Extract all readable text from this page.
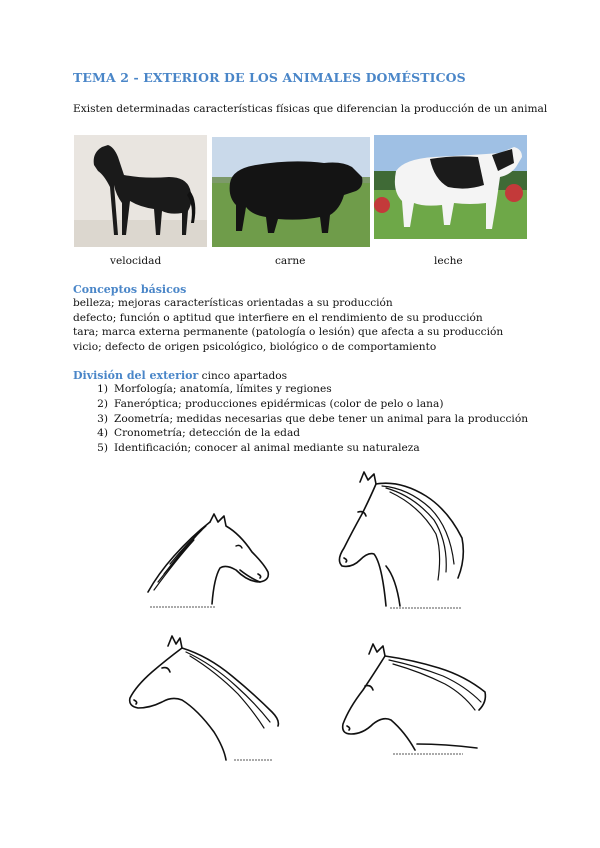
TEMA 2 - EXTERIOR DE LOS ANIMALES DOMÉSTICOS
Existen determinadas características físicas que diferencian la producción de un animal
velocidad	carne	leche
Conceptos básicos
belleza; mejoras características orientadas a su producción
defecto; función o aptitud que interfiere en el rendimiento de su producción
tara; marca externa permanente (patología o lesión) que afecta a su producción
vicio; defecto de origen psicológico, biológico o de comportamiento
División del exterior cinco apartados
1) Morfología; anatomía, límites y regiones
2) Faneróptica; producciones epidérmicas (color de pelo o lana)
3) Zoometría; medidas necesarias que debe tener un animal para la producción
4) Cronometría; detección de la edad
5) Identificación; conocer al animal mediante su naturaleza
